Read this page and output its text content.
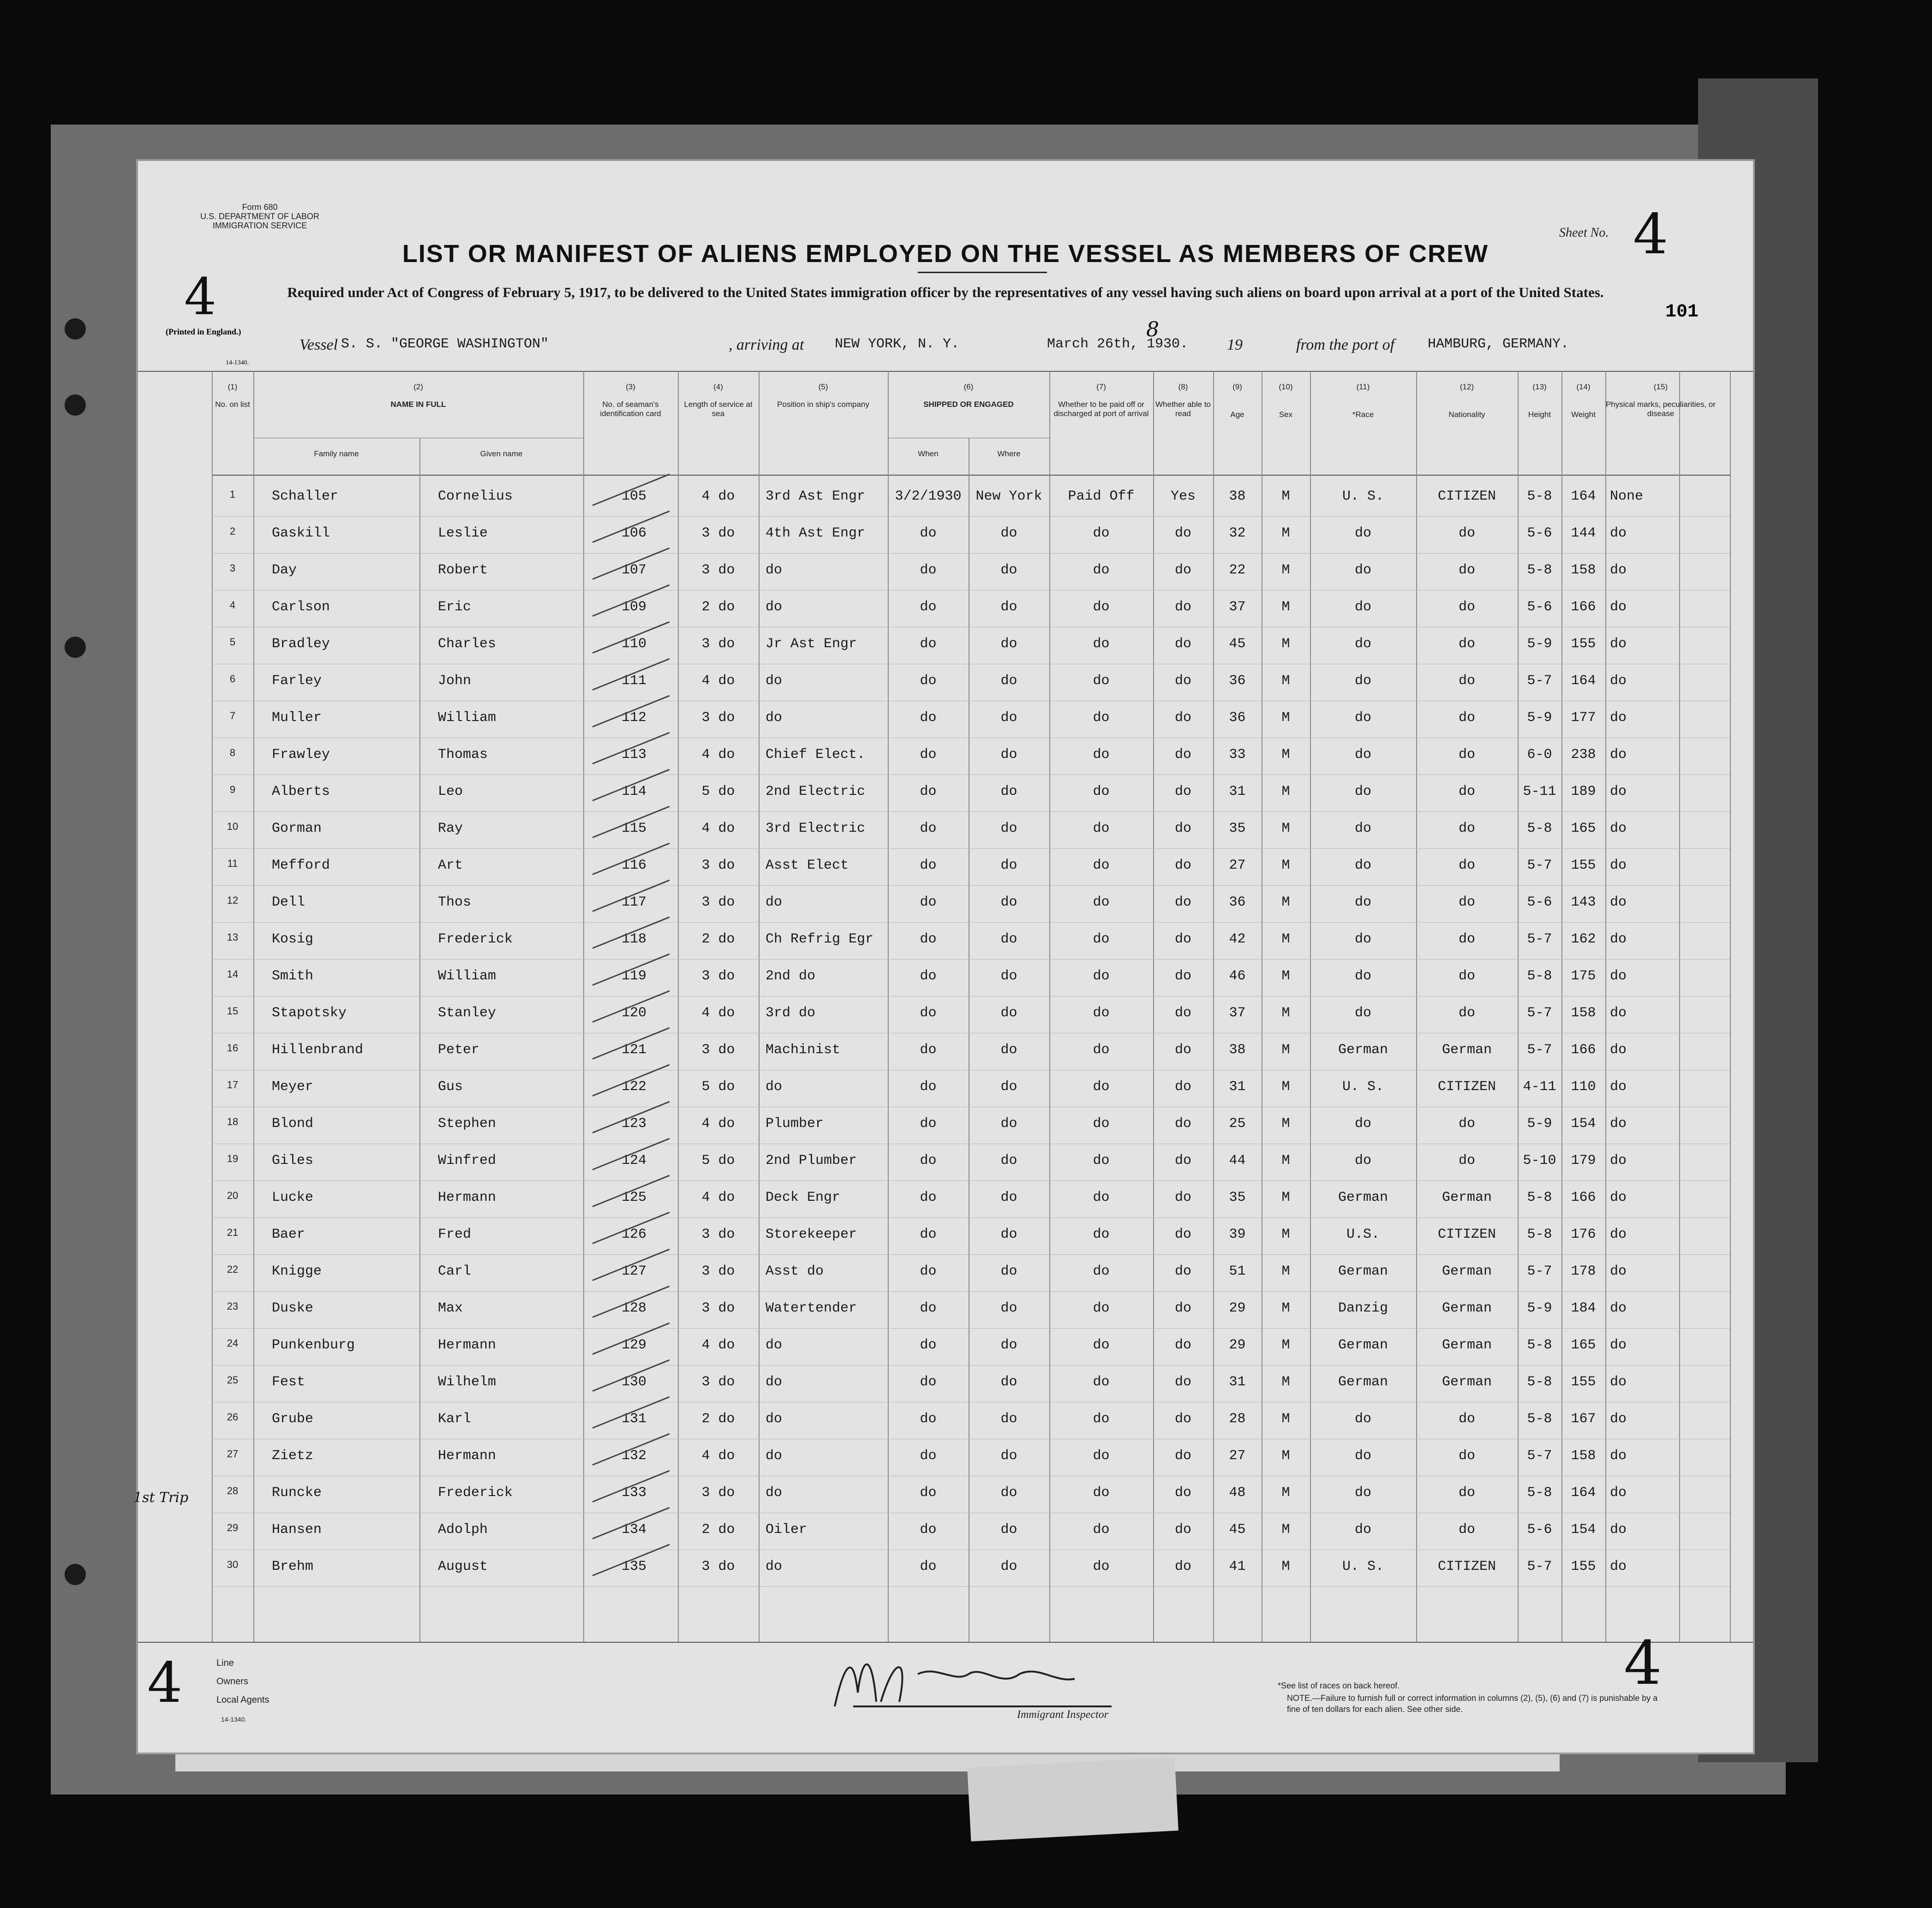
Form 680
U.S. DEPARTMENT OF LABOR
IMMIGRATION SERVICE
4
(Printed in England.)
14-1340.
Sheet No. 4
101
LIST OR MANIFEST OF ALIENS EMPLOYED ON THE VESSEL AS MEMBERS OF CREW
Required under Act of Congress of February 5, 1917, to be delivered to the United States immigration officer by the representatives of any vessel having such aliens on board upon arrival at a port of the United States.
Vessel S. S. "GEORGE WASHINGTON"	, arriving at NEW YORK, N. Y.	March 26th, 1930.
8
19	from the port of HAMBURG, GERMANY.
(1)
No. on list
(2)
NAME IN FULL
Family name	Given name
(3)
No. of seaman's identification card
(4)
Length of service at sea
(5)
Position in ship's company
(6)
SHIPPED OR ENGAGED
When	Where
(7)
Whether to be paid off or discharged at port of arrival
(8)
Whether able to read
(9)
Age
(10)
Sex
(11)
*Race
(12)
Nationality
(13)
Height
(14)
Weight
(15)
Physical marks, peculiarities, or disease
1	Schaller	Cornelius	105	4 do	3rd Ast Engr	3/2/1930	New York	Paid Off	Yes	38	M	U. S.	CITIZEN	5-8	164	None
2	Gaskill	Leslie	106	3 do	4th Ast Engr	do	do	do	do	32	M	do	do	5-6	144	do
3	Day	Robert	107	3 do	do	do	do	do	do	22	M	do	do	5-8	158	do
4	Carlson	Eric	109	2 do	do	do	do	do	do	37	M	do	do	5-6	166	do
5	Bradley	Charles	110	3 do	Jr Ast Engr	do	do	do	do	45	M	do	do	5-9	155	do
6	Farley	John	111	4 do	do	do	do	do	do	36	M	do	do	5-7	164	do
7	Muller	William	112	3 do	do	do	do	do	do	36	M	do	do	5-9	177	do
8	Frawley	Thomas	113	4 do	Chief Elect.	do	do	do	do	33	M	do	do	6-0	238	do
9	Alberts	Leo	114	5 do	2nd Electric	do	do	do	do	31	M	do	do	5-11	189	do
10	Gorman	Ray	115	4 do	3rd Electric	do	do	do	do	35	M	do	do	5-8	165	do
11	Mefford	Art	116	3 do	Asst Elect	do	do	do	do	27	M	do	do	5-7	155	do
12	Dell	Thos	117	3 do	do	do	do	do	do	36	M	do	do	5-6	143	do
13	Kosig	Frederick	118	2 do	Ch Refrig Egr	do	do	do	do	42	M	do	do	5-7	162	do
14	Smith	William	119	3 do	2nd do	do	do	do	do	46	M	do	do	5-8	175	do
15	Stapotsky	Stanley	120	4 do	3rd do	do	do	do	do	37	M	do	do	5-7	158	do
16	Hillenbrand	Peter	121	3 do	Machinist	do	do	do	do	38	M	German	German	5-7	166	do
17	Meyer	Gus	122	5 do	do	do	do	do	do	31	M	U. S.	CITIZEN	4-11	110	do
18	Blond	Stephen	123	4 do	Plumber	do	do	do	do	25	M	do	do	5-9	154	do
19	Giles	Winfred	124	5 do	2nd Plumber	do	do	do	do	44	M	do	do	5-10	179	do
20	Lucke	Hermann	125	4 do	Deck Engr	do	do	do	do	35	M	German	German	5-8	166	do
21	Baer	Fred	126	3 do	Storekeeper	do	do	do	do	39	M	U.S.	CITIZEN	5-8	176	do
22	Knigge	Carl	127	3 do	Asst do	do	do	do	do	51	M	German	German	5-7	178	do
23	Duske	Max	128	3 do	Watertender	do	do	do	do	29	M	Danzig	German	5-9	184	do
24	Punkenburg	Hermann	129	4 do	do	do	do	do	do	29	M	German	German	5-8	165	do
25	Fest	Wilhelm	130	3 do	do	do	do	do	do	31	M	German	German	5-8	155	do
26	Grube	Karl	131	2 do	do	do	do	do	do	28	M	do	do	5-8	167	do
27	Zietz	Hermann	132	4 do	do	do	do	do	do	27	M	do	do	5-7	158	do
28	Runcke	Frederick	133	3 do	do	do	do	do	do	48	M	do	do	5-8	164	do
29	Hansen	Adolph	134	2 do	Oiler	do	do	do	do	45	M	do	do	5-6	154	do
30	Brehm	August	135	3 do	do	do	do	do	do	41	M	U. S.	CITIZEN	5-7	155	do
1st Trip
Line
Owners
Local Agents
14-1340.
4	Immigrant Inspector
*See list of races on back hereof.
NOTE.—Failure to furnish full or correct information in columns (2), (5), (6) and (7) is punishable by a fine of ten dollars for each alien. See other side.
4
